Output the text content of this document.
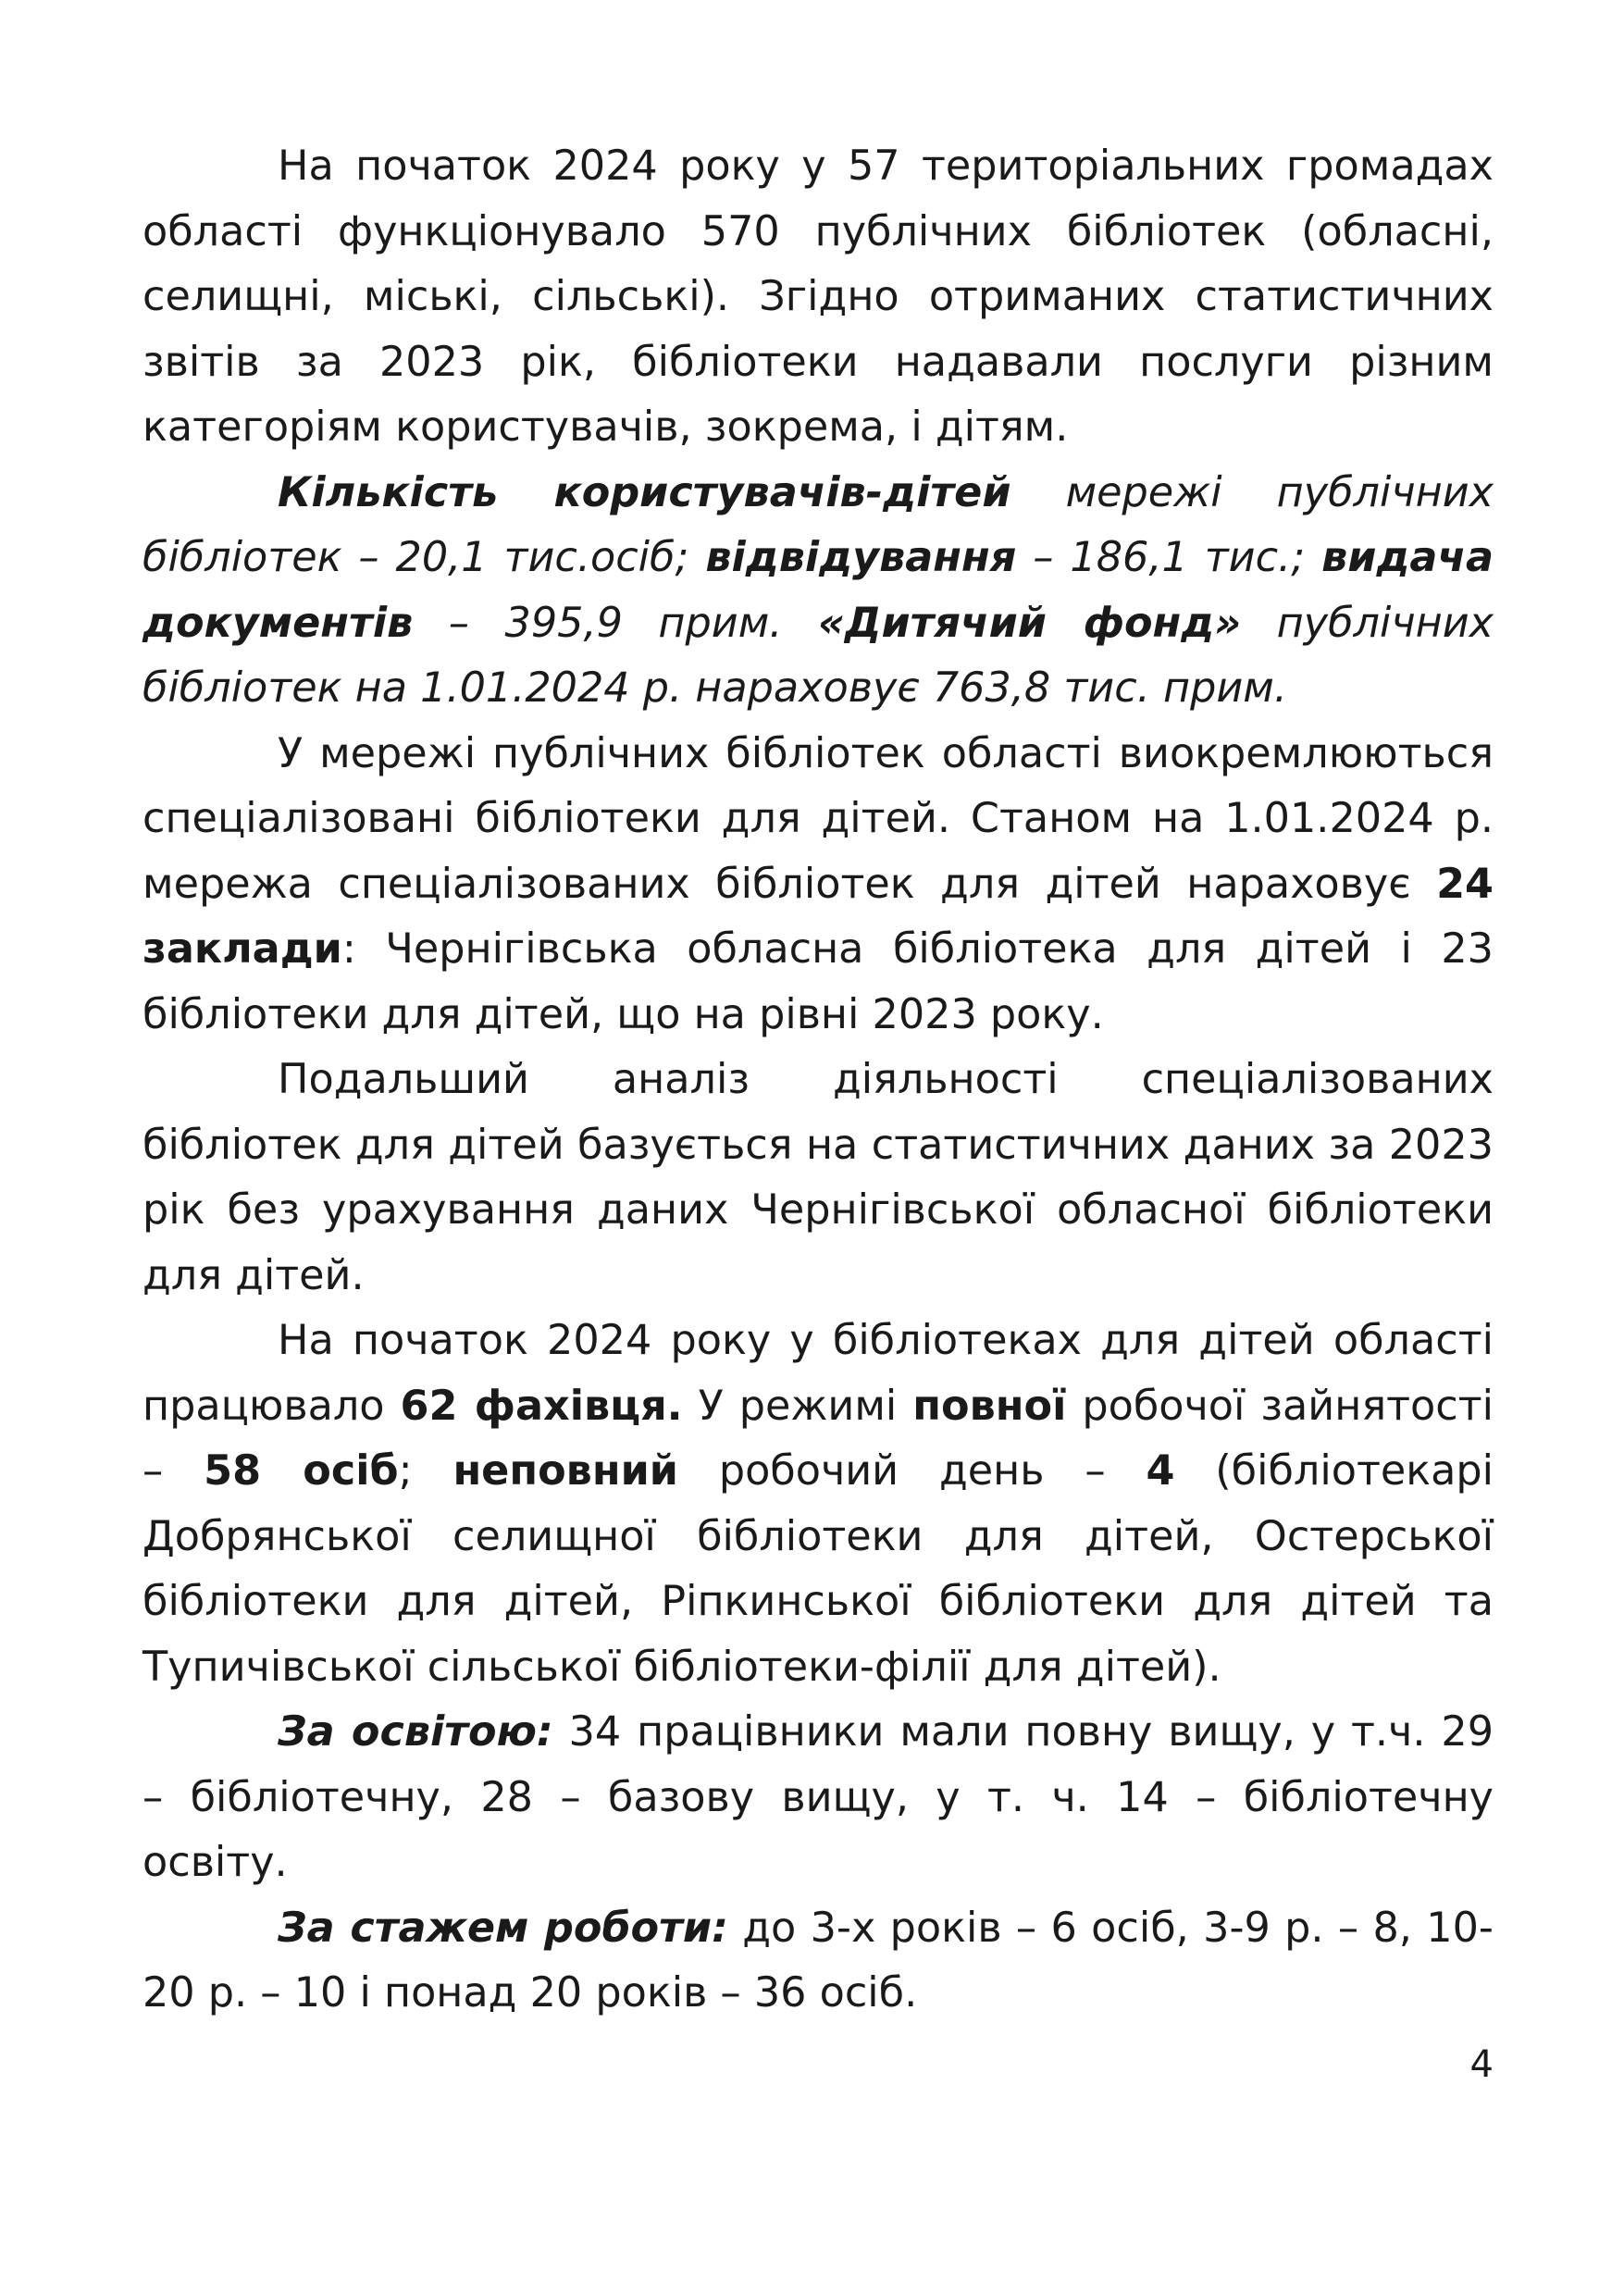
На початок 2024 року у 57 територіальних громадах області функціонувало 570 публічних бібліотек (обласні, селищні, міські, сільські). Згідно отриманих статистичних звітів за 2023 рік, бібліотеки надавали послуги різним категоріям користувачів, зокрема, і дітям.

Кількість користувачів-дітей мережі публічних бібліотек – 20,1 тис.осіб; відвідування – 186,1 тис.; видача документів – 395,9 прим. «Дитячий фонд» публічних бібліотек на 1.01.2024 р. нараховує 763,8 тис. прим.

У мережі публічних бібліотек області виокремлюються спеціалізовані бібліотеки для дітей. Станом на 1.01.2024 р. мережа спеціалізованих бібліотек для дітей нараховує 24 заклади: Чернігівська обласна бібліотека для дітей і 23 бібліотеки для дітей, що на рівні 2023 року.

Подальший аналіз діяльності спеціалізованих бібліотек для дітей базується на статистичних даних за 2023 рік без урахування даних Чернігівської обласної бібліотеки для дітей.

На початок 2024 року у бібліотеках для дітей області працювало 62 фахівця. У режимі повної робочої зайнятості – 58 осіб; неповний робочий день – 4 (бібліотекарі Добрянської селищної бібліотеки для дітей, Остерської бібліотеки для дітей, Ріпкинської бібліотеки для дітей та Тупичівської сільської бібліотеки-філії для дітей).

За освітою: 34 працівники мали повну вищу, у т.ч. 29 – бібліотечну, 28 – базову вищу, у т. ч. 14 – бібліотечну освіту.

За стажем роботи: до 3-х років – 6 осіб, 3-9 р. – 8, 10-20 р. – 10 і понад 20 років – 36 осіб.

4
